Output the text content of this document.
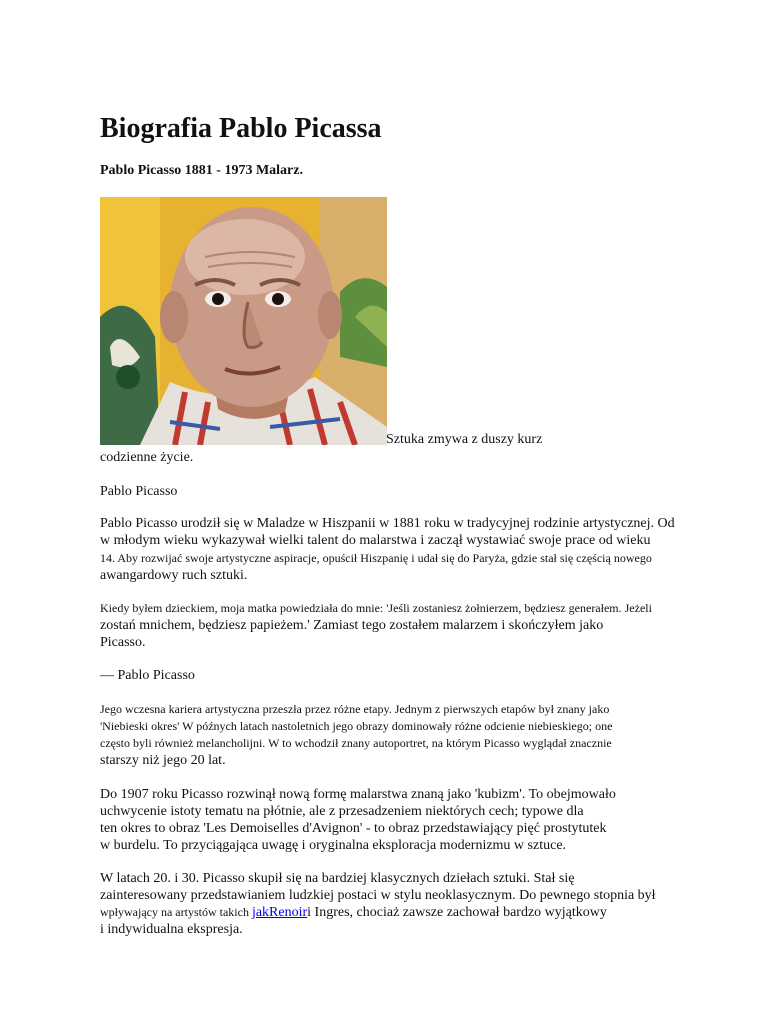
Biografia Pablo Picassa

Pablo Picasso 1881 - 1973 Malarz.

Sztuka zmywa z duszy kurz
codzienne życie.
Pablo Picasso
Pablo Picasso urodził się w Maladze w Hiszpanii w 1881 roku w tradycyjnej rodzinie artystycznej. Od
w młodym wieku wykazywał wielki talent do malarstwa i zaczął wystawiać swoje prace od wieku
14. Aby rozwijać swoje artystyczne aspiracje, opuścił Hiszpanię i udał się do Paryża, gdzie stał się częścią nowego
awangardowy ruch sztuki.
Kiedy byłem dzieckiem, moja matka powiedziała do mnie: 'Jeśli zostaniesz żołnierzem, będziesz generałem. Jeżeli
zostań mnichem, będziesz papieżem.' Zamiast tego zostałem malarzem i skończyłem jako
Picasso.
— Pablo Picasso
Jego wczesna kariera artystyczna przeszła przez różne etapy. Jednym z pierwszych etapów był znany jako
'Niebieski okres' W późnych latach nastoletnich jego obrazy dominowały różne odcienie niebieskiego; one
często byli również melancholijni. W to wchodził znany autoportret, na którym Picasso wyglądał znacznie
starszy niż jego 20 lat.
Do 1907 roku Picasso rozwinął nową formę malarstwa znaną jako 'kubizm'. To obejmowało
uchwycenie istoty tematu na płótnie, ale z przesadzeniem niektórych cech; typowe dla
ten okres to obraz 'Les Demoiselles d'Avignon' - to obraz przedstawiający pięć prostytutek
w burdelu. To przyciągająca uwagę i oryginalna eksploracja modernizmu w sztuce.
W latach 20. i 30. Picasso skupił się na bardziej klasycznych dziełach sztuki. Stał się
zainteresowany przedstawianiem ludzkiej postaci w stylu neoklasycznym. Do pewnego stopnia był
wpływający na artystów takich jakRenoiri Ingres, chociaż zawsze zachował bardzo wyjątkowy
i indywidualna ekspresja.
